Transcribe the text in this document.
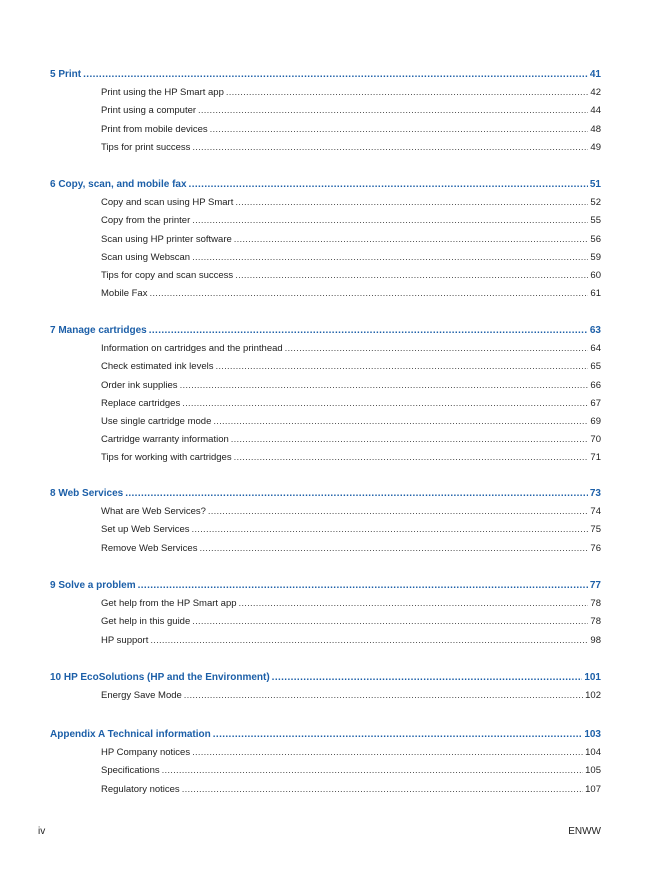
5 Print . . .	41
Print using the HP Smart app . . .	42
Print using a computer . . .	44
Print from mobile devices . . .	48
Tips for print success . . .	49
6 Copy, scan, and mobile fax . . .	51
Copy and scan using HP Smart . . .	52
Copy from the printer . . .	55
Scan using HP printer software . . .	56
Scan using Webscan . . .	59
Tips for copy and scan success . . .	60
Mobile Fax . . .	61
7 Manage cartridges . . .	63
Information on cartridges and the printhead . . .	64
Check estimated ink levels . . .	65
Order ink supplies . . .	66
Replace cartridges . . .	67
Use single cartridge mode . . .	69
Cartridge warranty information . . .	70
Tips for working with cartridges . . .	71
8 Web Services . . .	73
What are Web Services? . . .	74
Set up Web Services . . .	75
Remove Web Services . . .	76
9 Solve a problem . . .	77
Get help from the HP Smart app . . .	78
Get help in this guide . . .	78
HP support . . .	98
10 HP EcoSolutions (HP and the Environment) . . .	101
Energy Save Mode . . .	102
Appendix A Technical information . . .	103
HP Company notices . . .	104
Specifications . . .	105
Regulatory notices . . .	107
iv	ENWW
